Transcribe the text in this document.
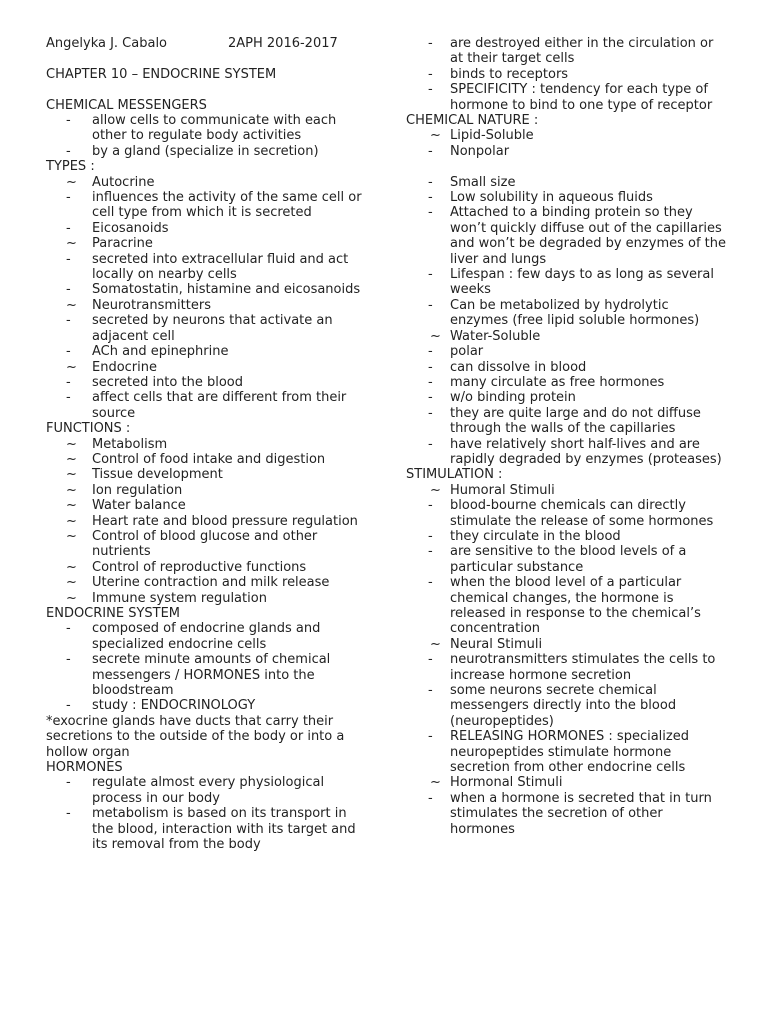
Angelyka J. Cabalo	2APH 2016-2017
CHAPTER 10 – ENDOCRINE SYSTEM
CHEMICAL MESSENGERS
-	allow cells to communicate with each other to regulate body activities
-	by a gland (specialize in secretion)
TYPES :
~	Autocrine
-	influences the activity of the same cell or cell type from which it is secreted
-	Eicosanoids
~	Paracrine
-	secreted into extracellular fluid and act locally on nearby cells
-	Somatostatin, histamine and eicosanoids
~	Neurotransmitters
-	secreted by neurons that activate an adjacent cell
-	ACh and epinephrine
~	Endocrine
-	secreted into the blood
-	affect cells that are different from their source
FUNCTIONS :
~	Metabolism
~	Control of food intake and digestion
~	Tissue development
~	Ion regulation
~	Water balance
~	Heart rate and blood pressure regulation
~	Control of blood glucose and other nutrients
~	Control of reproductive functions
~	Uterine contraction and milk release
~	Immune system regulation
ENDOCRINE SYSTEM
-	composed of endocrine glands and specialized endocrine cells
-	secrete minute amounts of chemical messengers / HORMONES into the bloodstream
-	study : ENDOCRINOLOGY
*exocrine glands have ducts that carry their secretions to the outside of the body or into a hollow organ
HORMONES
-	regulate almost every physiological process in our body
-	metabolism is based on its transport in the blood, interaction with its target and its removal from the body
-	are destroyed either in the circulation or at their target cells
-	binds to receptors
-	SPECIFICITY : tendency for each type of hormone to bind to one type of receptor
CHEMICAL NATURE :
~ Lipid-Soluble
-	Nonpolar
-	Small size
-	Low solubility in aqueous fluids
-	Attached to a binding protein so they won’t quickly diffuse out of the capillaries and won’t be degraded by enzymes of the liver and lungs
-	Lifespan : few days to as long as several weeks
-	Can be metabolized by hydrolytic enzymes (free lipid soluble hormones)
~ Water-Soluble
-	polar
-	can dissolve in blood
-	many circulate as free hormones
-	w/o binding protein
-	they are quite large and do not diffuse through the walls of the capillaries
-	have relatively short half-lives and are rapidly degraded by enzymes (proteases)
STIMULATION :
~ Humoral Stimuli
-	blood-bourne chemicals can directly stimulate the release of some hormones
-	they circulate in the blood
-	are sensitive to the blood levels of a particular substance
-	when the blood level of a particular chemical changes, the hormone is released in response to the chemical’s concentration
~ Neural Stimuli
-	neurotransmitters stimulates the cells to increase hormone secretion
-	some neurons secrete chemical messengers directly into the blood (neuropeptides)
-	RELEASING HORMONES : specialized neuropeptides stimulate hormone secretion from other endocrine cells
~ Hormonal Stimuli
-	when a hormone is secreted that in turn stimulates the secretion of other hormones
